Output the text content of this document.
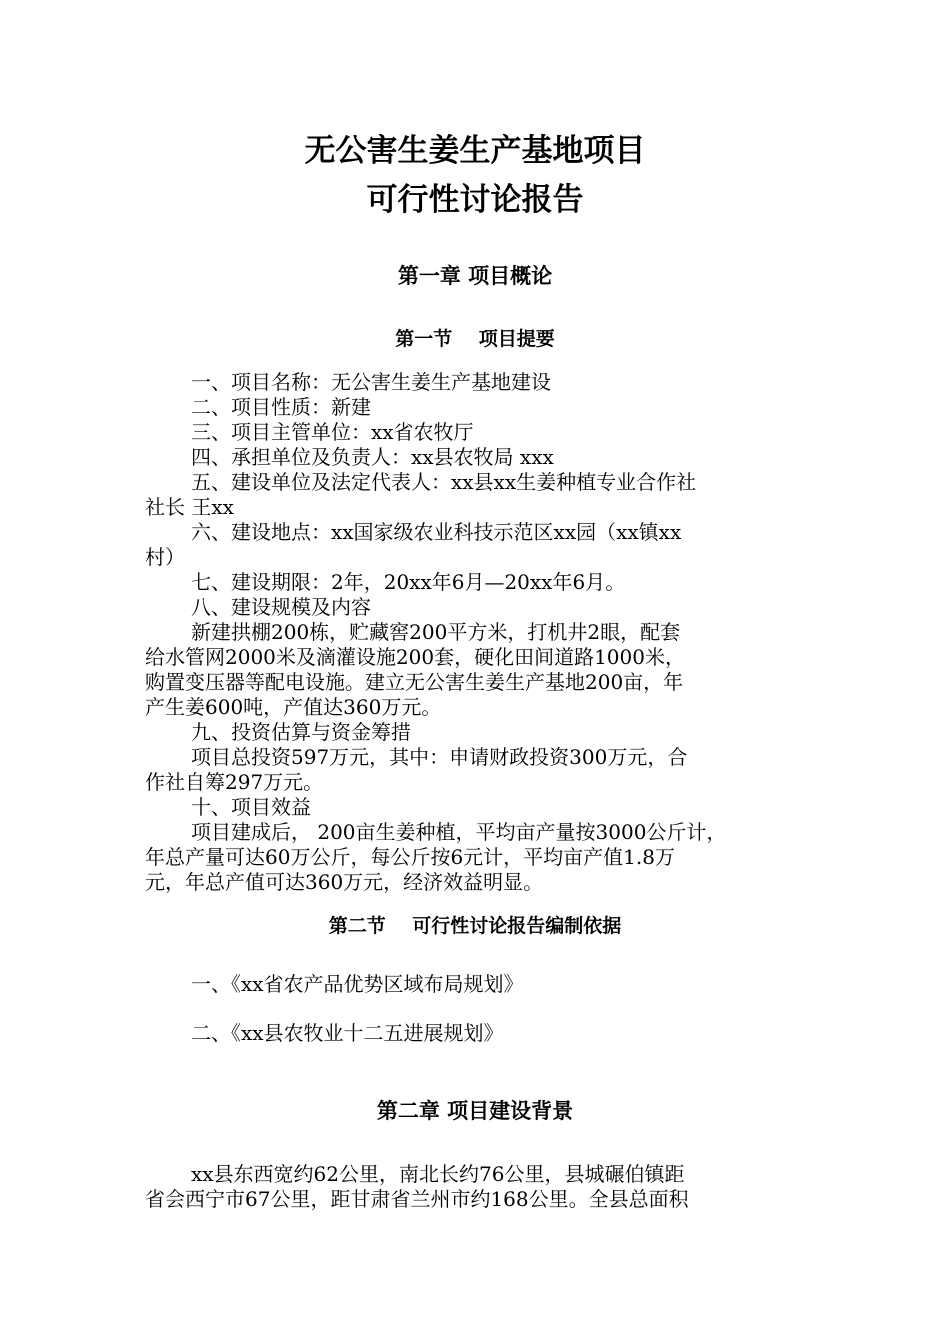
无公害生姜生产基地项目
可行性讨论报告
第一章 项目概论
第一节    项目提要
一、项目名称：无公害生姜生产基地建设
二、项目性质：新建
三、项目主管单位：xx省农牧厅
四、承担单位及负责人：xx县农牧局 xxx
五、建设单位及法定代表人：xx县xx生姜种植专业合作社
社长 王xx
六、建设地点：xx国家级农业科技示范区xx园（xx镇xx
村）
七、建设期限：2年，20xx年6月—20xx年6月。
八、建设规模及内容
新建拱棚200栋，贮藏窖200平方米，打机井2眼，配套
给水管网2000米及滴灌设施200套，硬化田间道路1000米，
购置变压器等配电设施。建立无公害生姜生产基地200亩，年
产生姜600吨，产值达360万元。
九、投资估算与资金筹措
项目总投资597万元，其中：申请财政投资300万元，合
作社自筹297万元。
十、项目效益
项目建成后， 200亩生姜种植，平均亩产量按3000公斤计，
年总产量可达60万公斤，每公斤按6元计，平均亩产值1.8万
元，年总产值可达360万元，经济效益明显。
第二节    可行性讨论报告编制依据
一、《xx省农产品优势区域布局规划》
二、《xx县农牧业十二五进展规划》
第二章 项目建设背景
xx县东西宽约62公里，南北长约76公里，县城碾伯镇距
省会西宁市67公里，距甘肃省兰州市约168公里。全县总面积
